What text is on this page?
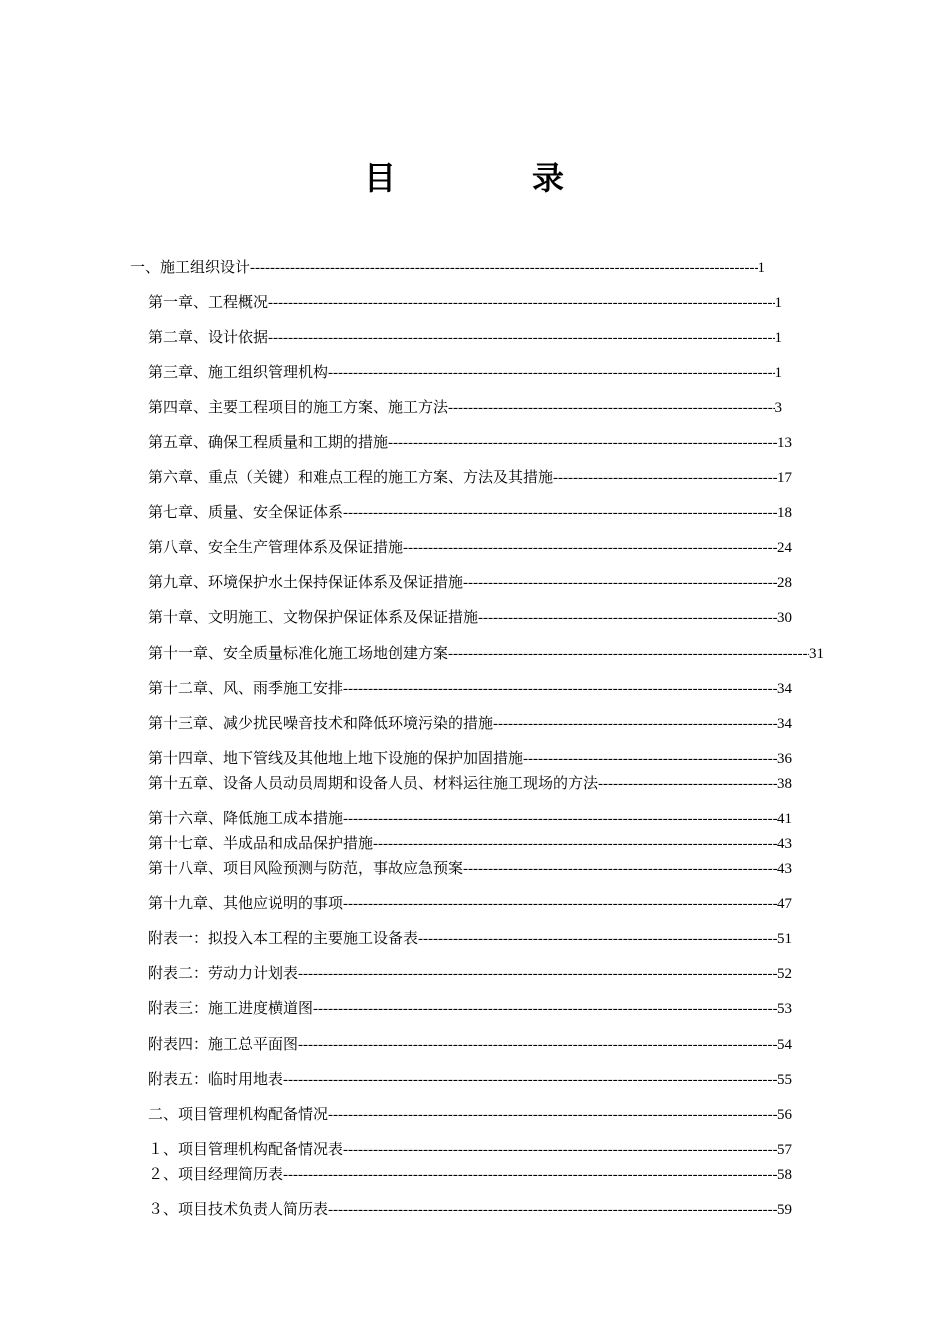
目　录
一、施工组织设计 -----	1
第一章、工程概况 -----	1
第二章、设计依据 -----	1
第三章、施工组织管理机构 -----	1
第四章、主要工程项目的施工方案、施工方法 -----	3
第五章、确保工程质量和工期的措施 -----	13
第六章、重点（关键）和难点工程的施工方案、方法及其措施 -----	17
第七章、质量、安全保证体系 -----	18
第八章、安全生产管理体系及保证措施 -----	24
第九章、环境保护水土保持保证体系及保证措施 -----	28
第十章、文明施工、文物保护保证体系及保证措施 -----	30
第十一章、安全质量标准化施工场地创建方案 -----	31
第十二章、风、雨季施工安排 -----	34
第十三章、减少扰民噪音技术和降低环境污染的措施 -----	34
第十四章、地下管线及其他地上地下设施的保护加固措施 -----	36
第十五章、设备人员动员周期和设备人员、材料运往施工现场的方法 -----	38
第十六章、降低施工成本措施 -----	41
第十七章、半成品和成品保护措施 -----	43
第十八章、项目风险预测与防范，事故应急预案 -----	43
第十九章、其他应说明的事项 -----	47
附表一：拟投入本工程的主要施工设备表 -----	51
附表二：劳动力计划表 -----	52
附表三：施工进度横道图 -----	53
附表四：施工总平面图 -----	54
附表五：临时用地表 -----	55
二、项目管理机构配备情况 -----	56
１、项目管理机构配备情况表 -----	57
２、项目经理简历表 -----	58
３、项目技术负责人简历表 -----	59
